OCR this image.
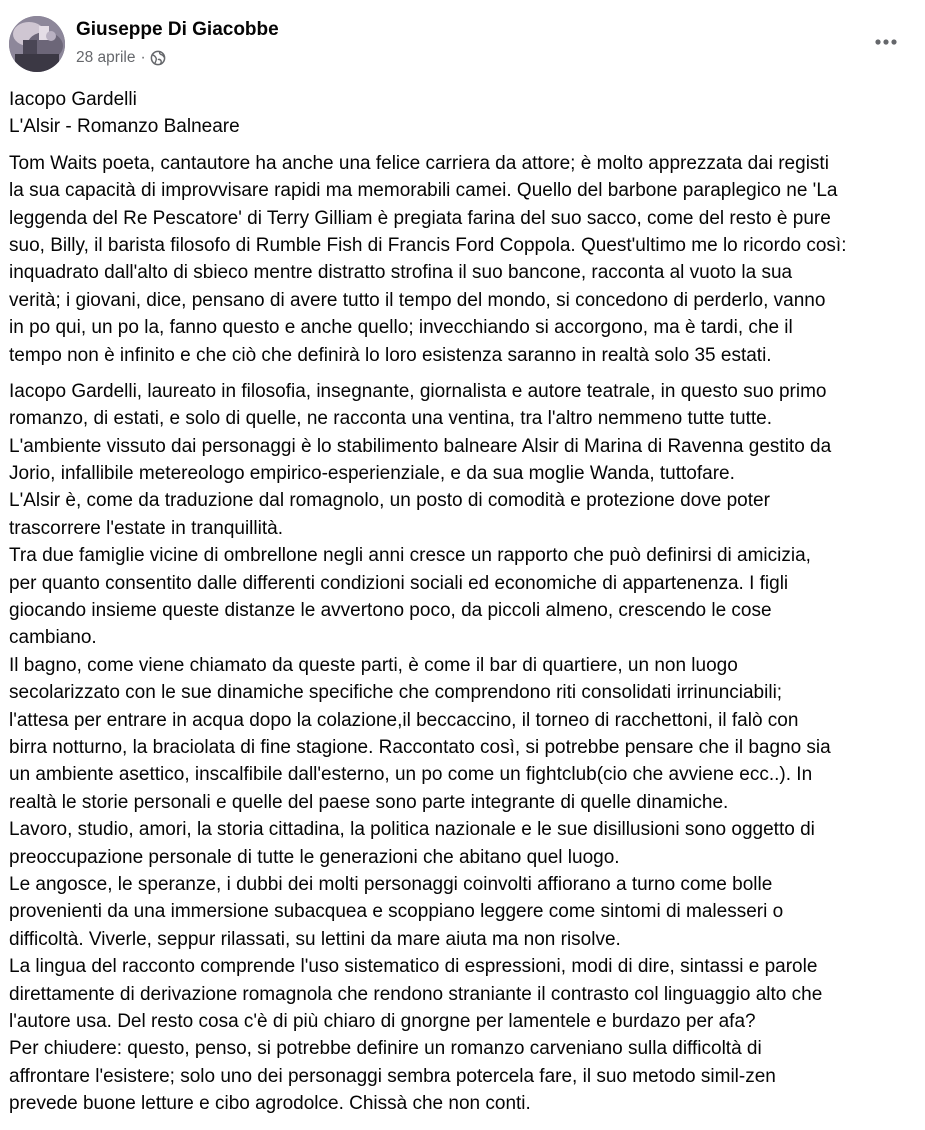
Giuseppe Di Giacobbe
28 aprile ·

Iacopo Gardelli
L'Alsir - Romanzo Balneare

Tom Waits poeta, cantautore ha anche una felice carriera da attore; è molto apprezzata dai registi
la sua capacità di improvvisare rapidi ma memorabili camei. Quello del barbone paraplegico ne 'La
leggenda del Re Pescatore' di Terry Gilliam è pregiata farina del suo sacco, come del resto è pure
suo, Billy, il barista filosofo di Rumble Fish di Francis Ford Coppola. Quest'ultimo me lo ricordo così:
inquadrato dall'alto di sbieco mentre distratto strofina il suo bancone, racconta al vuoto la sua
verità; i giovani, dice, pensano di avere tutto il tempo del mondo, si concedono di perderlo, vanno
in po qui, un po la, fanno questo e anche quello; invecchiando si accorgono, ma è tardi, che il
tempo non è infinito e che ciò che definirà lo loro esistenza saranno in realtà solo 35 estati.

Iacopo Gardelli, laureato in filosofia, insegnante, giornalista e autore teatrale, in questo suo primo
romanzo, di estati, e solo di quelle, ne racconta una ventina, tra l'altro nemmeno tutte tutte.
L'ambiente vissuto dai personaggi è lo stabilimento balneare Alsir di Marina di Ravenna gestito da
Jorio, infallibile metereologo empirico-esperienziale, e da sua moglie Wanda, tuttofare.
L'Alsir è, come da traduzione dal romagnolo, un posto di comodità e protezione dove poter
trascorrere l'estate in tranquillità.
Tra due famiglie vicine di ombrellone negli anni cresce un rapporto che può definirsi di amicizia,
per quanto consentito dalle differenti condizioni sociali ed economiche di appartenenza. I figli
giocando insieme queste distanze le avvertono poco, da piccoli almeno, crescendo le cose
cambiano.
Il bagno, come viene chiamato da queste parti, è come il bar di quartiere, un non luogo
secolarizzato con le sue dinamiche specifiche che comprendono riti consolidati irrinunciabili;
l'attesa per entrare in acqua dopo la colazione,il beccaccino, il torneo di racchettoni, il falò con
birra notturno, la braciolata di fine stagione. Raccontato così, si potrebbe pensare che il bagno sia
un ambiente asettico, inscalfibile dall'esterno, un po come un fightclub(cio che avviene ecc..). In
realtà le storie personali e quelle del paese sono parte integrante di quelle dinamiche.
Lavoro, studio, amori, la storia cittadina, la politica nazionale e le sue disillusioni sono oggetto di
preoccupazione personale di tutte le generazioni che abitano quel luogo.
Le angosce, le speranze, i dubbi dei molti personaggi coinvolti affiorano a turno come bolle
provenienti da una immersione subacquea e scoppiano leggere come sintomi di malesseri o
difficoltà. Viverle, seppur rilassati, su lettini da mare aiuta ma non risolve.
La lingua del racconto comprende l'uso sistematico di espressioni, modi di dire, sintassi e parole
direttamente di derivazione romagnola che rendono straniante il contrasto col linguaggio alto che
l'autore usa. Del resto cosa c'è di più chiaro di gnorgne per lamentele e burdazo per afa?
Per chiudere: questo, penso, si potrebbe definire un romanzo carveniano sulla difficoltà di
affrontare l'esistere; solo uno dei personaggi sembra potercela fare, il suo metodo simil-zen
prevede buone letture e cibo agrodolce. Chissà che non conti.
